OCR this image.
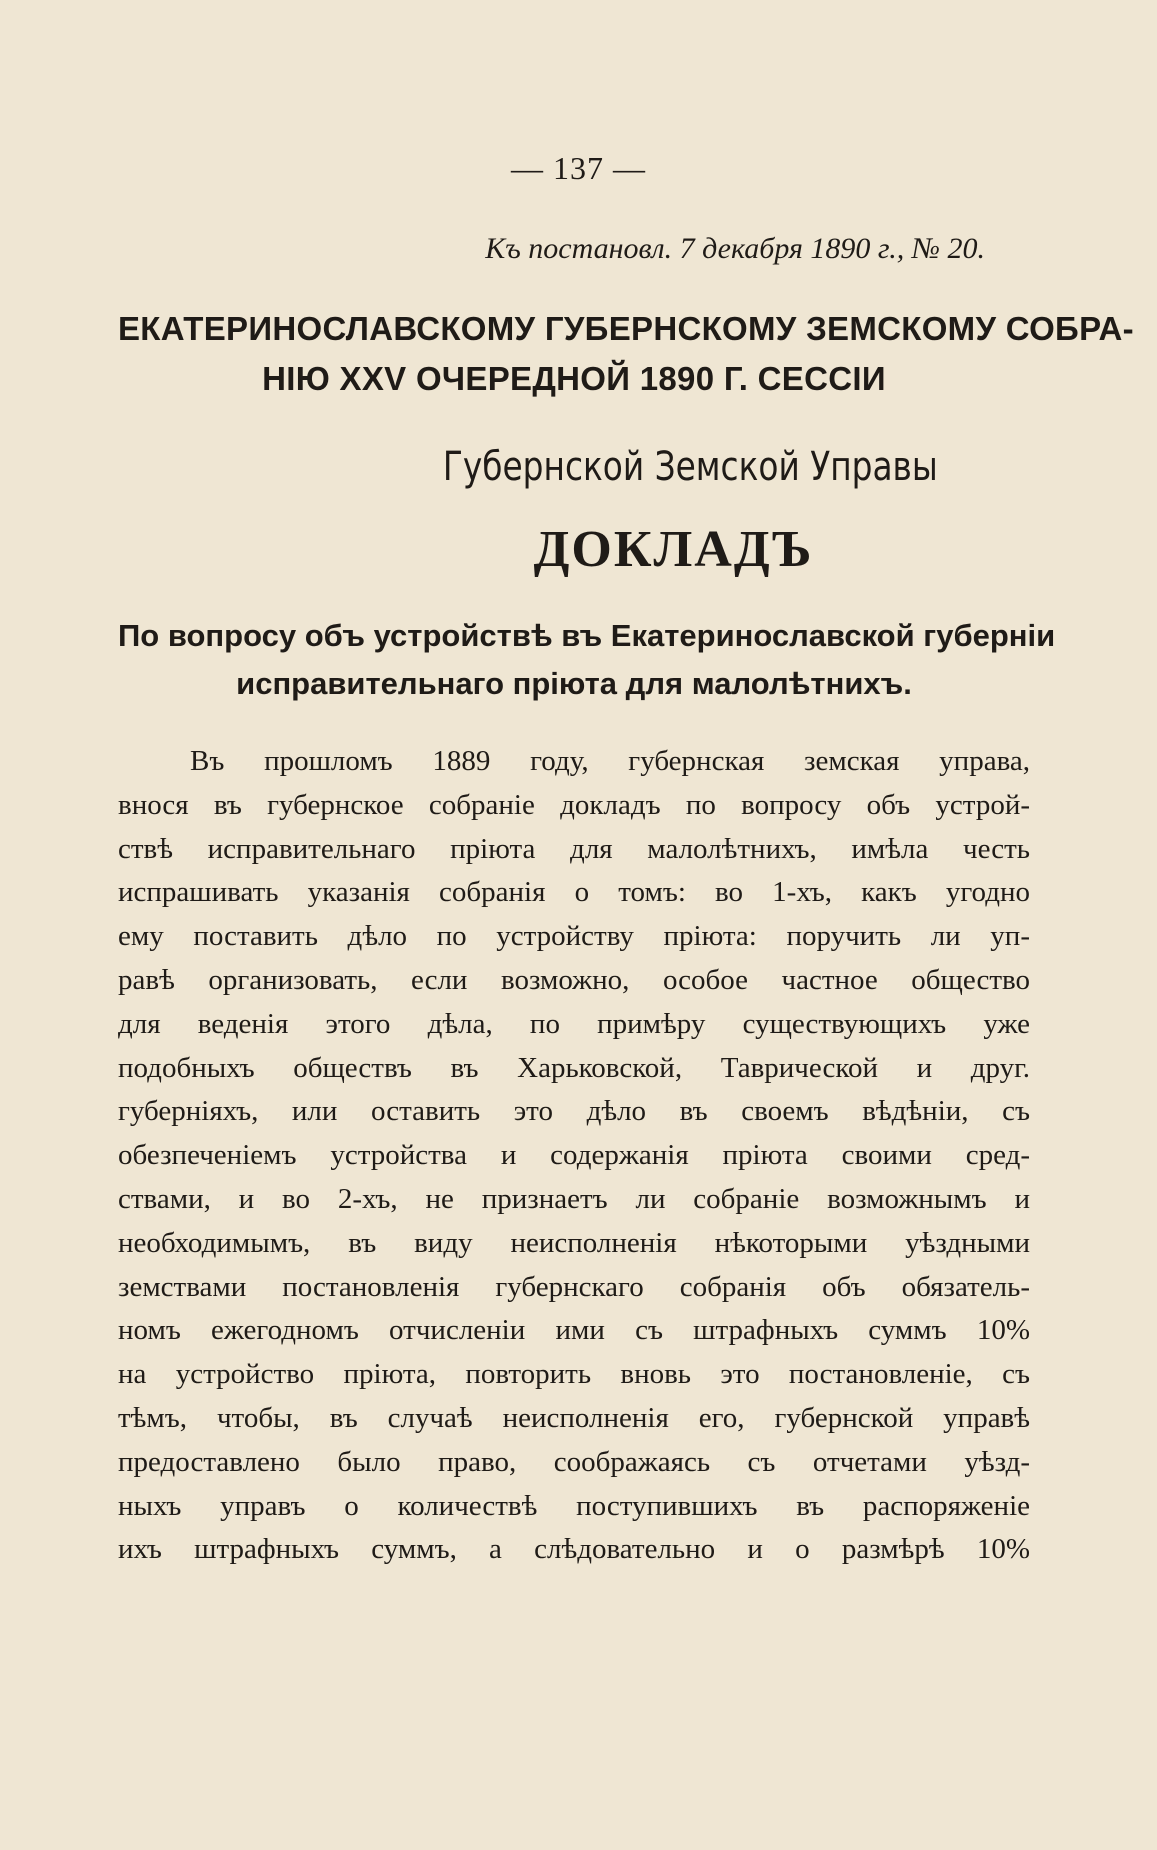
— 137 —
Къ постановл. 7 декабря 1890 г., № 20.
ЕКАТЕРИНОСЛАВСКОМУ ГУБЕРНСКОМУ ЗЕМСКОМУ СОБРА-
НІЮ XXV ОЧЕРЕДНОЙ 1890 Г. СЕССІИ
Губернской Земской Управы
ДОКЛАДЪ
По вопросу объ устройствѣ въ Екатеринославской губерніи
исправительнаго пріюта для малолѣтнихъ.
Въ прошломъ 1889 году, губернская земская управа,
внося въ губернское собраніе докладъ по вопросу объ устрой-
ствѣ исправительнаго пріюта для малолѣтнихъ, имѣла честь
испрашивать указанія собранія о томъ: во 1-хъ, какъ угодно
ему поставить дѣло по устройству пріюта: поручить ли уп-
равѣ организовать, если возможно, особое частное общество
для веденія этого дѣла, по примѣру существующихъ уже
подобныхъ обществъ въ Харьковской, Таврической и друг.
губерніяхъ, или оставить это дѣло въ своемъ вѣдѣніи, съ
обезпеченіемъ устройства и содержанія пріюта своими сред-
ствами, и во 2-хъ, не признаетъ ли собраніе возможнымъ и
необходимымъ, въ виду неисполненія нѣкоторыми уѣздными
земствами постановленія губернскаго собранія объ обязатель-
номъ ежегодномъ отчисленіи ими съ штрафныхъ суммъ 10%
на устройство пріюта, повторить вновь это постановленіе, съ
тѣмъ, чтобы, въ случаѣ неисполненія его, губернской управѣ
предоставлено было право, соображаясь съ отчетами уѣзд-
ныхъ управъ о количествѣ поступившихъ въ распоряженіе
ихъ штрафныхъ суммъ, а слѣдовательно и о размѣрѣ 10%
